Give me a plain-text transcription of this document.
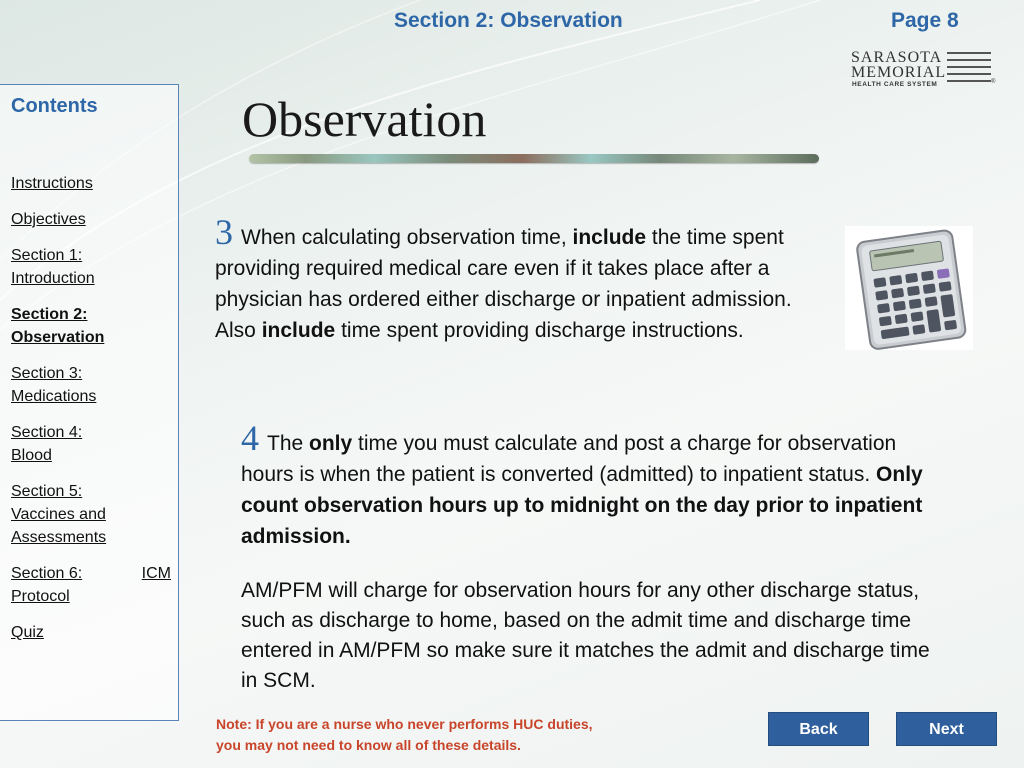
Section 2: Observation	Page 8
SARASOTA
MEMORIAL
HEALTH CARE SYSTEM	®
Contents
Instructions
Objectives
Section 1:
Introduction
Section 2:
Observation
Section 3:
Medications
Section 4:
Blood
Section 5:
Vaccines and
Assessments
Section 6:	ICM
Protocol
Quiz
Observation
3 When calculating observation time, include the time spent providing required medical care even if it takes place after a physician has ordered either discharge or inpatient admission. Also include time spent providing discharge instructions.
4 The only time you must calculate and post a charge for observation hours is when the patient is converted (admitted) to inpatient status. Only count observation hours up to midnight on the day prior to inpatient admission.
AM/PFM will charge for observation hours for any other discharge status, such as discharge to home, based on the admit time and discharge time entered in AM/PFM so make sure it matches the admit and discharge time in SCM.
Note: If you are a nurse who never performs HUC duties,
you may not need to know all of these details.
Back	Next
